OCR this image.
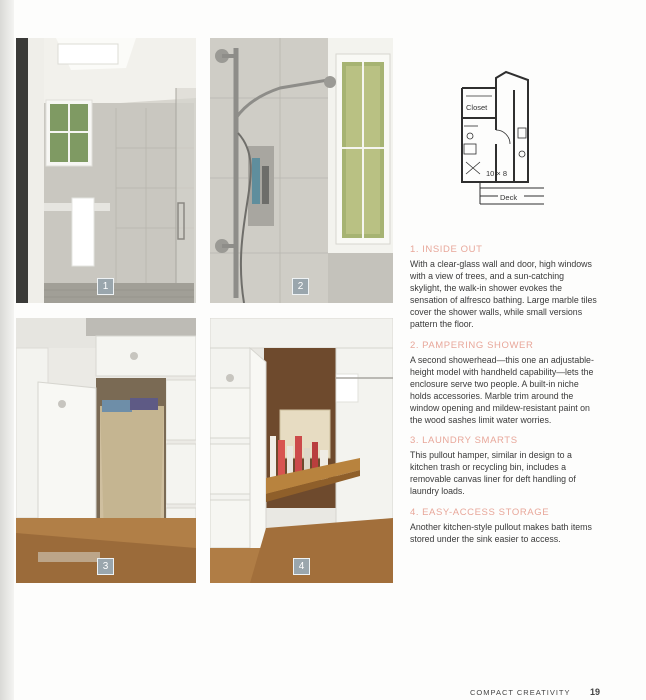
1	2
3	4
Closet
10 × 8
Deck
1. INSIDE OUT
With a clear-glass wall and door, high windows with a view of trees, and a sun-catching skylight, the walk-in shower evokes the sensation of alfresco bathing. Large marble tiles cover the shower walls, while small versions pattern the floor.
2. PAMPERING SHOWER
A second showerhead—this one an adjustable-height model with handheld capability—lets the enclosure serve two people. A built-in niche holds accessories. Marble trim around the window opening and mildew-resistant paint on the wood sashes limit water worries.
3. LAUNDRY SMARTS
This pullout hamper, similar in design to a kitchen trash or recycling bin, includes a removable canvas liner for deft handling of laundry loads.
4. EASY-ACCESS STORAGE
Another kitchen-style pullout makes bath items stored under the sink easier to access.
COMPACT CREATIVITY 19
